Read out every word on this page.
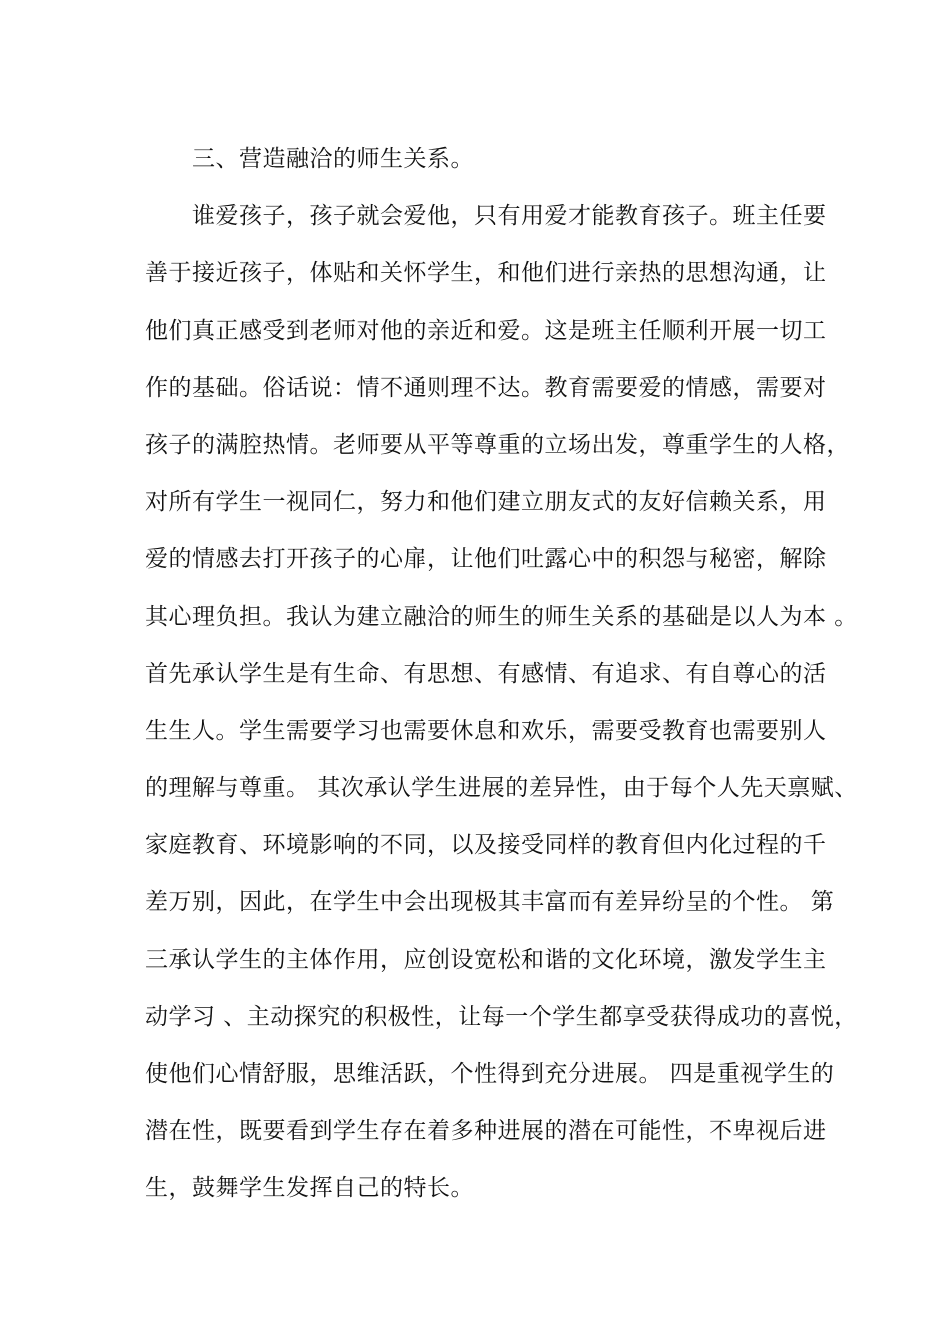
　　三、营造融洽的师生关系。
　　谁爱孩子，孩子就会爱他，只有用爱才能教育孩子。班主任要
善于接近孩子，体贴和关怀学生，和他们进行亲热的思想沟通，让
他们真正感受到老师对他的亲近和爱。这是班主任顺利开展一切工
作的基础。俗话说：情不通则理不达。教育需要爱的情感，需要对
孩子的满腔热情。老师要从平等尊重的立场出发，尊重学生的人格，
对所有学生一视同仁，努力和他们建立朋友式的友好信赖关系，用
爱的情感去打开孩子的心扉，让他们吐露心中的积怨与秘密，解除
其心理负担。我认为建立融洽的师生的师生关系的基础是以人为本 。
首先承认学生是有生命、有思想、有感情、有追求、有自尊心的活
生生人。学生需要学习也需要休息和欢乐，需要受教育也需要别人
的理解与尊重。 其次承认学生进展的差异性，由于每个人先天禀赋、
家庭教育、环境影响的不同，以及接受同样的教育但内化过程的千
差万别，因此，在学生中会出现极其丰富而有差异纷呈的个性。 第
三承认学生的主体作用，应创设宽松和谐的文化环境，激发学生主
动学习 、主动探究的积极性，让每一个学生都享受获得成功的喜悦，
使他们心情舒服，思维活跃，个性得到充分进展。 四是重视学生的
潜在性，既要看到学生存在着多种进展的潜在可能性，不卑视后进
生，鼓舞学生发挥自己的特长。
